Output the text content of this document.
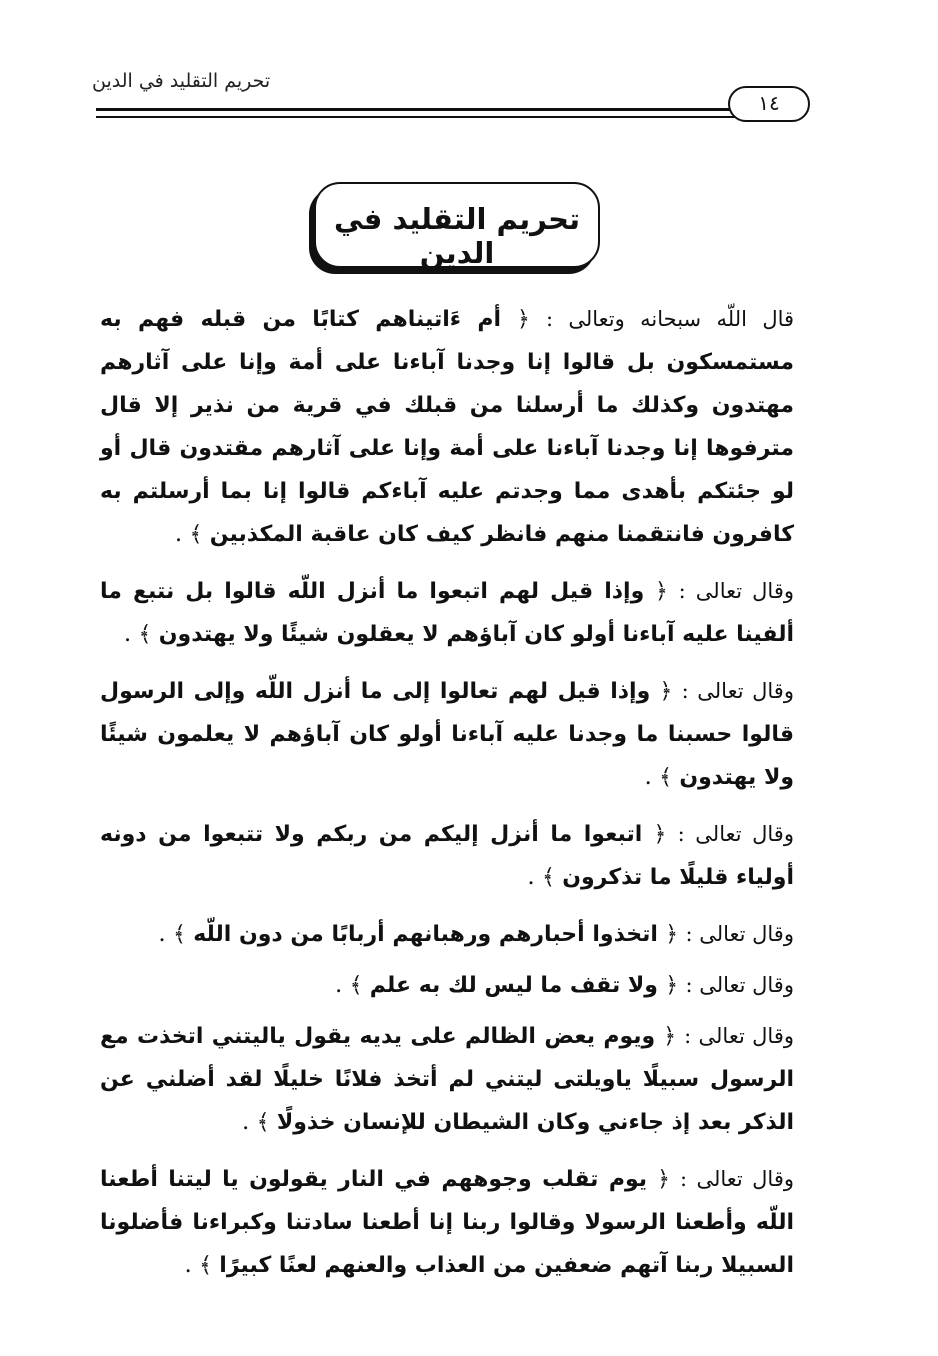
تحريم التقليد في الدين
١٤
تحريم التقليد في الدين

قال اللّه سبحانه وتعالى : ﴿ أم ءَاتيناهم كتابًا من قبله فهم به مستمسكون بل قالوا إنا وجدنا آباءنا على أمة وإنا على آثارهم مهتدون وكذلك ما أرسلنا من قبلك في قرية من نذير إلا قال مترفوها إنا وجدنا آباءنا على أمة وإنا على آثارهم مقتدون قال أو لو جئتكم بأهدى مما وجدتم عليه آباءكم قالوا إنا بما أرسلتم به كافرون فانتقمنا منهم فانظر كيف كان عاقبة المكذبين ﴾ .

وقال تعالى : ﴿ وإذا قيل لهم اتبعوا ما أنزل اللّه قالوا بل نتبع ما ألفينا عليه آباءنا أولو كان آباؤهم لا يعقلون شيئًا ولا يهتدون ﴾ .

وقال تعالى : ﴿ وإذا قيل لهم تعالوا إلى ما أنزل اللّه وإلى الرسول قالوا حسبنا ما وجدنا عليه آباءنا أولو كان آباؤهم لا يعلمون شيئًا ولا يهتدون ﴾ .

وقال تعالى : ﴿ اتبعوا ما أنزل إليكم من ربكم ولا تتبعوا من دونه أولياء قليلًا ما تذكرون ﴾ .

وقال تعالى : ﴿ اتخذوا أحبارهم ورهبانهم أربابًا من دون اللّه ﴾ .

وقال تعالى : ﴿ ولا تقف ما ليس لك به علم ﴾ .

وقال تعالى : ﴿ ويوم يعض الظالم على يديه يقول ياليتني اتخذت مع الرسول سبيلًا ياويلتى ليتني لم أتخذ فلانًا خليلًا لقد أضلني عن الذكر بعد إذ جاءني وكان الشيطان للإنسان خذولًا ﴾ .

وقال تعالى : ﴿ يوم تقلب وجوههم في النار يقولون يا ليتنا أطعنا اللّه وأطعنا الرسولا وقالوا ربنا إنا أطعنا سادتنا وكبراءنا فأضلونا السبيلا ربنا آتهم ضعفين من العذاب والعنهم لعنًا كبيرًا ﴾ .
